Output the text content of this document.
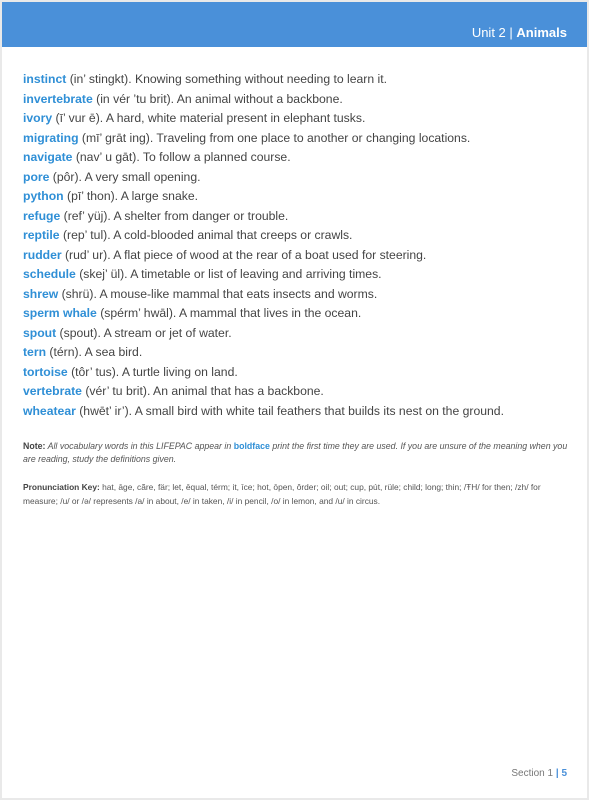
Unit 2 | Animals
instinct (in’ stingkt). Knowing something without needing to learn it.
invertebrate (in vér ’tu brit). An animal without a backbone.
ivory (ī’ vur ē). A hard, white material present in elephant tusks.
migrating (mī’ grāt ing). Traveling from one place to another or changing locations.
navigate (nav’ u gāt). To follow a planned course.
pore (pôr). A very small opening.
python (pī’ thon). A large snake.
refuge (ref’ yüj). A shelter from danger or trouble.
reptile (rep’ tul). A cold-blooded animal that creeps or crawls.
rudder (rud’ ur). A flat piece of wood at the rear of a boat used for steering.
schedule (skej’ ül). A timetable or list of leaving and arriving times.
shrew (shrü). A mouse-like mammal that eats insects and worms.
sperm whale (spérm’ hwāl). A mammal that lives in the ocean.
spout (spout). A stream or jet of water.
tern (térn). A sea bird.
tortoise (tôr’ tus). A turtle living on land.
vertebrate (vér’ tu brit). An animal that has a backbone.
wheatear (hwēt’ ir’). A small bird with white tail feathers that builds its nest on the ground.
Note: All vocabulary words in this LIFEPAC appear in boldface print the first time they are used. If you are unsure of the meaning when you are reading, study the definitions given.
Pronunciation Key: hat, āge, cãre, fär; let, ēqual, térm; it, īce; hot, ōpen, ôrder; oil; out; cup, pút, rüle; child; long; thin; /ŦH/ for then; /zh/ for measure; /u/ or /ə/ represents /a/ in about, /e/ in taken, /i/ in pencil, /o/ in lemon, and /u/ in circus.
Section 1 | 5
